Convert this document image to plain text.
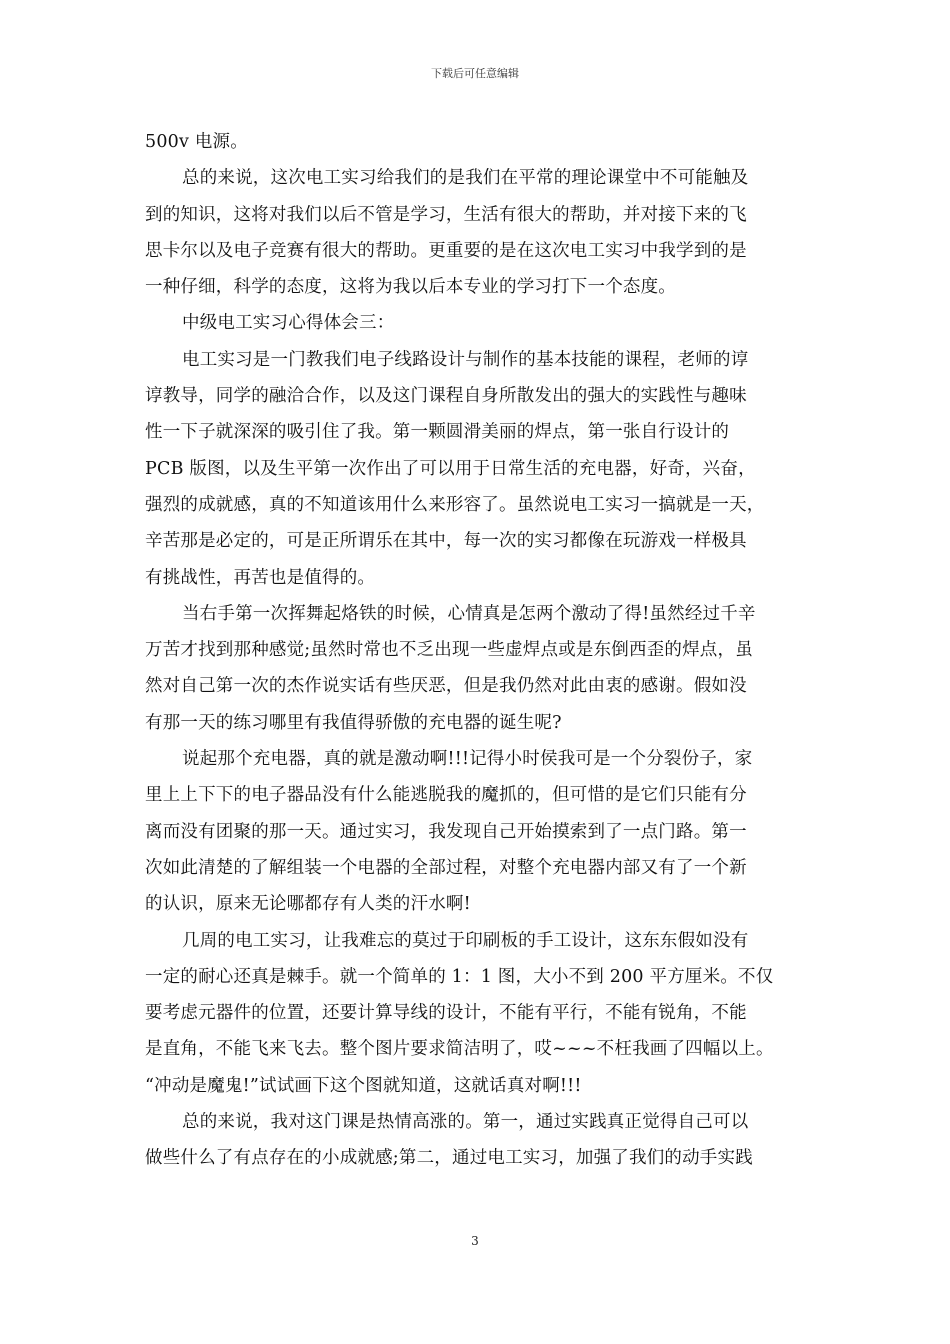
下载后可任意编辑
500v 电源。
总的来说，这次电工实习给我们的是我们在平常的理论课堂中不可能触及
到的知识，这将对我们以后不管是学习，生活有很大的帮助，并对接下来的飞
思卡尔以及电子竞赛有很大的帮助。更重要的是在这次电工实习中我学到的是
一种仔细，科学的态度，这将为我以后本专业的学习打下一个态度。
中级电工实习心得体会三：
电工实习是一门教我们电子线路设计与制作的基本技能的课程，老师的谆
谆教导，同学的融洽合作，以及这门课程自身所散发出的强大的实践性与趣味
性一下子就深深的吸引住了我。第一颗圆滑美丽的焊点，第一张自行设计的
PCB 版图，以及生平第一次作出了可以用于日常生活的充电器，好奇，兴奋，
强烈的成就感，真的不知道该用什么来形容了。虽然说电工实习一搞就是一天，
辛苦那是必定的，可是正所谓乐在其中，每一次的实习都像在玩游戏一样极具
有挑战性，再苦也是值得的。
当右手第一次挥舞起烙铁的时候，心情真是怎两个激动了得!虽然经过千辛
万苦才找到那种感觉;虽然时常也不乏出现一些虚焊点或是东倒西歪的焊点，虽
然对自己第一次的杰作说实话有些厌恶，但是我仍然对此由衷的感谢。假如没
有那一天的练习哪里有我值得骄傲的充电器的诞生呢?
说起那个充电器，真的就是激动啊!!!记得小时侯我可是一个分裂份子，家
里上上下下的电子器品没有什么能逃脱我的魔抓的，但可惜的是它们只能有分
离而没有团聚的那一天。通过实习，我发现自己开始摸索到了一点门路。第一
次如此清楚的了解组装一个电器的全部过程，对整个充电器内部又有了一个新
的认识，原来无论哪都存有人类的汗水啊!
几周的电工实习，让我难忘的莫过于印刷板的手工设计，这东东假如没有
一定的耐心还真是棘手。就一个简单的 1：1 图，大小不到 200 平方厘米。不仅
要考虑元器件的位置，还要计算导线的设计，不能有平行，不能有锐角，不能
是直角，不能飞来飞去。整个图片要求简洁明了，哎~~~不枉我画了四幅以上。
“冲动是魔鬼!”试试画下这个图就知道，这就话真对啊!!!
总的来说，我对这门课是热情高涨的。第一，通过实践真正觉得自己可以
做些什么了有点存在的小成就感;第二，通过电工实习，加强了我们的动手实践
3
